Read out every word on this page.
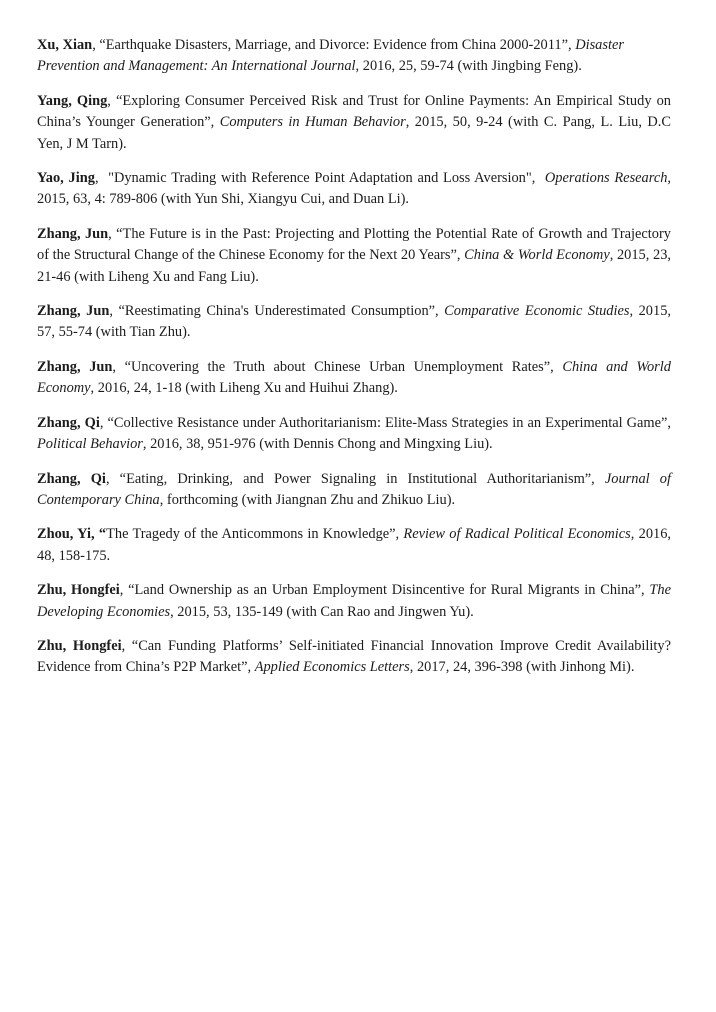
Xu, Xian, “Earthquake Disasters, Marriage, and Divorce: Evidence from China 2000-2011”, Disaster Prevention and Management: An International Journal, 2016, 25, 59-74 (with Jingbing Feng).

Yang, Qing, “Exploring Consumer Perceived Risk and Trust for Online Payments: An Empirical Study on China’s Younger Generation”, Computers in Human Behavior, 2015, 50, 9-24 (with C. Pang, L. Liu, D.C Yen, J M Tarn).

Yao, Jing,  "Dynamic Trading with Reference Point Adaptation and Loss Aversion",  Operations Research, 2015, 63, 4: 789-806 (with Yun Shi, Xiangyu Cui, and Duan Li).

Zhang, Jun, “The Future is in the Past: Projecting and Plotting the Potential Rate of Growth and Trajectory of the Structural Change of the Chinese Economy for the Next 20 Years”, China & World Economy, 2015, 23, 21-46 (with Liheng Xu and Fang Liu).

Zhang, Jun, “Reestimating China's Underestimated Consumption”, Comparative Economic Studies, 2015, 57, 55-74 (with Tian Zhu).

Zhang, Jun, “Uncovering the Truth about Chinese Urban Unemployment Rates”, China and World Economy, 2016, 24, 1-18 (with Liheng Xu and Huihui Zhang).

Zhang, Qi, “Collective Resistance under Authoritarianism: Elite-Mass Strategies in an Experimental Game”, Political Behavior, 2016, 38, 951-976 (with Dennis Chong and Mingxing Liu).

Zhang, Qi, “Eating, Drinking, and Power Signaling in Institutional Authoritarianism”, Journal of Contemporary China, forthcoming (with Jiangnan Zhu and Zhikuo Liu).

Zhou, Yi, “The Tragedy of the Anticommons in Knowledge”, Review of Radical Political Economics, 2016, 48, 158-175.

Zhu, Hongfei, “Land Ownership as an Urban Employment Disincentive for Rural Migrants in China”, The Developing Economies, 2015, 53, 135-149 (with Can Rao and Jingwen Yu).

Zhu, Hongfei, “Can Funding Platforms’ Self-initiated Financial Innovation Improve Credit Availability? Evidence from China’s P2P Market”, Applied Economics Letters, 2017, 24, 396-398 (with Jinhong Mi).
